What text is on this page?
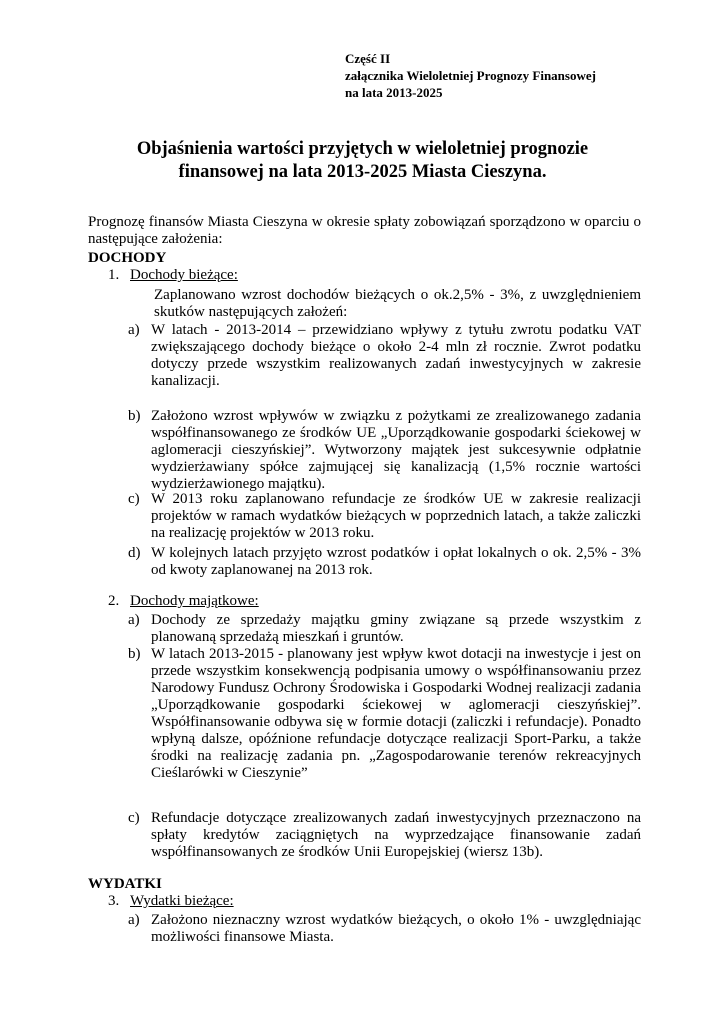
Część II
załącznika Wieloletniej Prognozy Finansowej
na lata 2013-2025
Objaśnienia wartości przyjętych w wieloletniej prognozie
finansowej na lata 2013-2025 Miasta Cieszyna.
Prognozę finansów Miasta Cieszyna w okresie spłaty zobowiązań sporządzono w oparciu o następujące założenia:
DOCHODY
1. Dochody bieżące:
Zaplanowano wzrost dochodów bieżących o ok.2,5% - 3%, z uwzględnieniem skutków następujących założeń:
a) W latach - 2013-2014 – przewidziano wpływy z tytułu zwrotu podatku VAT zwiększającego dochody bieżące o około 2-4 mln zł rocznie. Zwrot podatku dotyczy przede wszystkim realizowanych zadań inwestycyjnych w zakresie kanalizacji.
b) Założono wzrost wpływów w związku z pożytkami ze zrealizowanego zadania współfinansowanego ze środków UE „Uporządkowanie gospodarki ściekowej w aglomeracji cieszyńskiej”. Wytworzony majątek jest sukcesywnie odpłatnie wydzierżawiany spółce zajmującej się kanalizacją (1,5% rocznie wartości wydzierżawionego majątku).
c) W 2013 roku zaplanowano refundacje ze środków UE w zakresie realizacji projektów w ramach wydatków bieżących w poprzednich latach, a także zaliczki na realizację projektów w 2013 roku.
d) W kolejnych latach przyjęto wzrost podatków i opłat lokalnych o ok. 2,5% - 3% od kwoty zaplanowanej na 2013 rok.
2. Dochody majątkowe:
a) Dochody ze sprzedaży majątku gminy związane są przede wszystkim z planowaną sprzedażą mieszkań i gruntów.
b) W latach 2013-2015 - planowany jest wpływ kwot dotacji na inwestycje i jest on przede wszystkim konsekwencją podpisania umowy o współfinansowaniu przez Narodowy Fundusz Ochrony Środowiska i Gospodarki Wodnej realizacji zadania „Uporządkowanie gospodarki ściekowej w aglomeracji cieszyńskiej”. Współfinansowanie odbywa się w formie dotacji (zaliczki i refundacje). Ponadto wpłyną dalsze, opóźnione refundacje dotyczące realizacji Sport-Parku, a także środki na realizację zadania pn. „Zagospodarowanie terenów rekreacyjnych Cieślarówki w Cieszynie”
c) Refundacje dotyczące zrealizowanych zadań inwestycyjnych przeznaczono na spłaty kredytów zaciągniętych na wyprzedzające finansowanie zadań współfinansowanych ze środków Unii Europejskiej (wiersz 13b).
WYDATKI
3. Wydatki bieżące:
a) Założono nieznaczny wzrost wydatków bieżących, o około 1% - uwzględniając możliwości finansowe Miasta.
